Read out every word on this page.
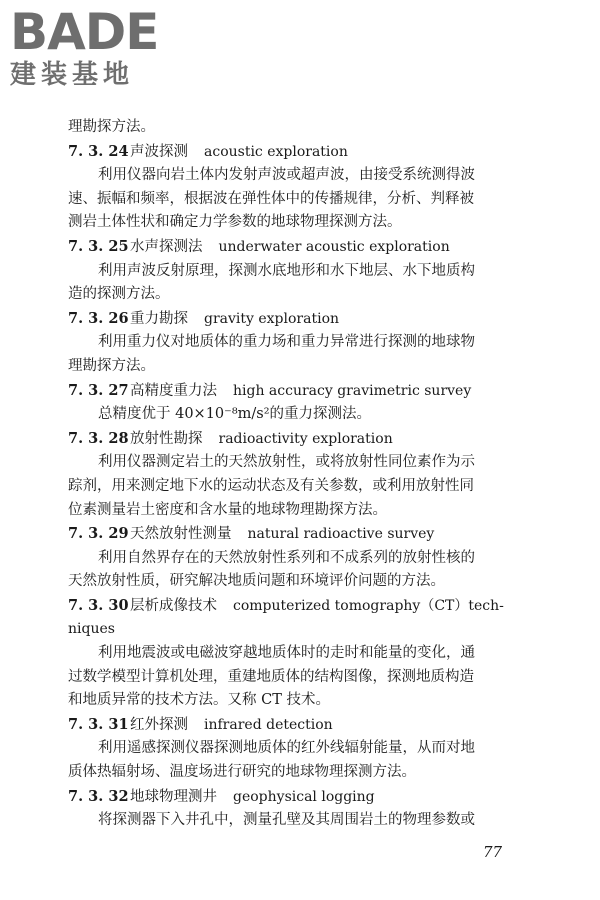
BADE
建装基地
理勘探方法。
7. 3. 24声波探测 acoustic exploration
利用仪器向岩土体内发射声波或超声波，由接受系统测得波
速、振幅和频率，根据波在弹性体中的传播规律，分析、判释被
测岩土体性状和确定力学参数的地球物理探测方法。
7. 3. 25水声探测法 underwater acoustic exploration
利用声波反射原理，探测水底地形和水下地层、水下地质构
造的探测方法。
7. 3. 26重力勘探 gravity exploration
利用重力仪对地质体的重力场和重力异常进行探测的地球物
理勘探方法。
7. 3. 27高精度重力法 high accuracy gravimetric survey
总精度优于 40×10⁻⁸m/s²的重力探测法。
7. 3. 28放射性勘探 radioactivity exploration
利用仪器测定岩土的天然放射性，或将放射性同位素作为示
踪剂，用来测定地下水的运动状态及有关参数，或利用放射性同
位素测量岩土密度和含水量的地球物理勘探方法。
7. 3. 29天然放射性测量 natural radioactive survey
利用自然界存在的天然放射性系列和不成系列的放射性核的
天然放射性质，研究解决地质问题和环境评价问题的方法。
7. 3. 30层析成像技术 computerized tomography（CT）tech-
niques
利用地震波或电磁波穿越地质体时的走时和能量的变化，通
过数学模型计算机处理，重建地质体的结构图像，探测地质构造
和地质异常的技术方法。又称 CT 技术。
7. 3. 31红外探测 infrared detection
利用遥感探测仪器探测地质体的红外线辐射能量，从而对地
质体热辐射场、温度场进行研究的地球物理探测方法。
7. 3. 32地球物理测井 geophysical logging
将探测器下入井孔中，测量孔壁及其周围岩土的物理参数或
77
